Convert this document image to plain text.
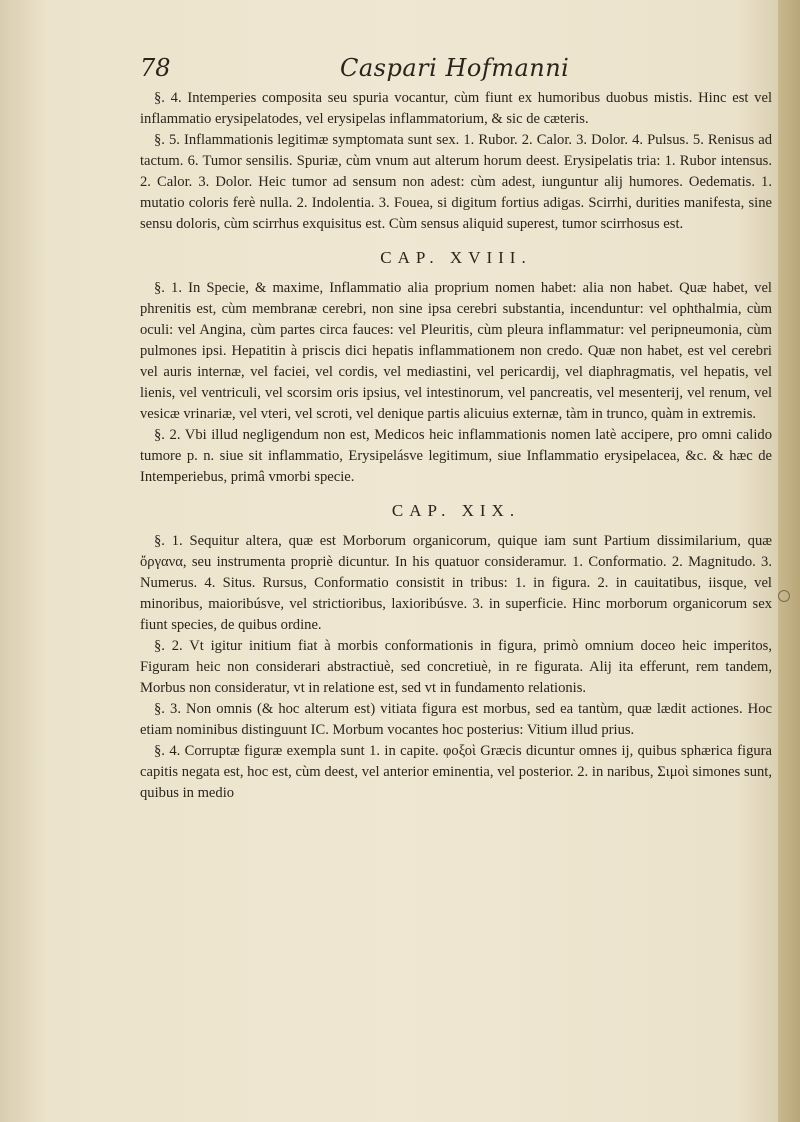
78	Caspari Hofmanni

§. 4. Intemperies composita seu spuria vocantur, cùm fiunt ex humoribus duobus mistis. Hinc est vel inflammatio erysipelatodes, vel erysipelas inflammatorium, & sic de cæteris.

§. 5. Inflammationis legitimæ symptomata sunt sex. 1. Rubor. 2. Calor. 3. Dolor. 4. Pulsus. 5. Renisus ad tactum. 6. Tumor sensilis. Spuriæ, cùm vnum aut alterum horum deest. Erysipelatis tria: 1. Rubor intensus. 2. Calor. 3. Dolor. Heic tumor ad sensum non adest: cùm adest, iunguntur alij humores. Oedematis. 1. mutatio coloris ferè nulla. 2. Indolentia. 3. Fouea, si digitum fortius adigas. Scirrhi, durities manifesta, sine sensu doloris, cùm scirrhus exquisitus est. Cùm sensus aliquid superest, tumor scirrhosus est.

CAP. XVIII.

§. 1. In Specie, & maxime, Inflammatio alia proprium nomen habet: alia non habet. Quæ habet, vel phrenitis est, cùm membranæ cerebri, non sine ipsa cerebri substantia, incenduntur: vel ophthalmia, cùm oculi: vel Angina, cùm partes circa fauces: vel Pleuritis, cùm pleura inflammatur: vel peripneumonia, cùm pulmones ipsi. Hepatitin à priscis dici hepatis inflammationem non credo. Quæ non habet, est vel cerebri vel auris internæ, vel faciei, vel cordis, vel mediastini, vel pericardij, vel diaphragmatis, vel hepatis, vel lienis, vel ventriculi, vel scorsim oris ipsius, vel intestinorum, vel pancreatis, vel mesenterij, vel renum, vel vesicæ vrinariæ, vel vteri, vel scroti, vel denique partis alicuius externæ, tàm in trunco, quàm in extremis.

§. 2. Vbi illud negligendum non est, Medicos heic inflammationis nomen latè accipere, pro omni calido tumore p. n. siue sit inflammatio, Erysipelásve legitimum, siue Inflammatio erysipelacea, &c. & hæc de Intemperiebus, primâ vmorbi specie.

CAP. XIX.

§. 1. Sequitur altera, quæ est Morborum organicorum, quique iam sunt Partium dissimilarium, quæ ὄργανα, seu instrumenta propriè dicuntur. In his quatuor consideramur. 1. Conformatio. 2. Magnitudo. 3. Numerus. 4. Situs. Rursus, Conformatio consistit in tribus: 1. in figura. 2. in cauitatibus, iisque, vel minoribus, maioribúsve, vel strictioribus, laxioribúsve. 3. in superficie. Hinc morborum organicorum sex fiunt species, de quibus ordine.

§. 2. Vt igitur initium fiat à morbis conformationis in figura, primò omnium doceo heic imperitos, Figuram heic non considerari abstractiuè, sed concretiuè, in re figurata. Alij ita efferunt, rem tandem, Morbus non consideratur, vt in relatione est, sed vt in fundamento relationis.

§. 3. Non omnis (& hoc alterum est) vitiata figura est morbus, sed ea tantùm, quæ lædit actiones. Hoc etiam nominibus distinguunt IC. Morbum vocantes hoc posterius: Vitium illud prius.

§. 4. Corruptæ figuræ exempla sunt 1. in capite. φοξοὶ Græcis dicuntur omnes ij, quibus sphærica figura capitis negata est, hoc est, cùm deest, vel anterior eminentia, vel posterior. 2. in naribus, Σιμοὶ simones sunt, quibus in medio
